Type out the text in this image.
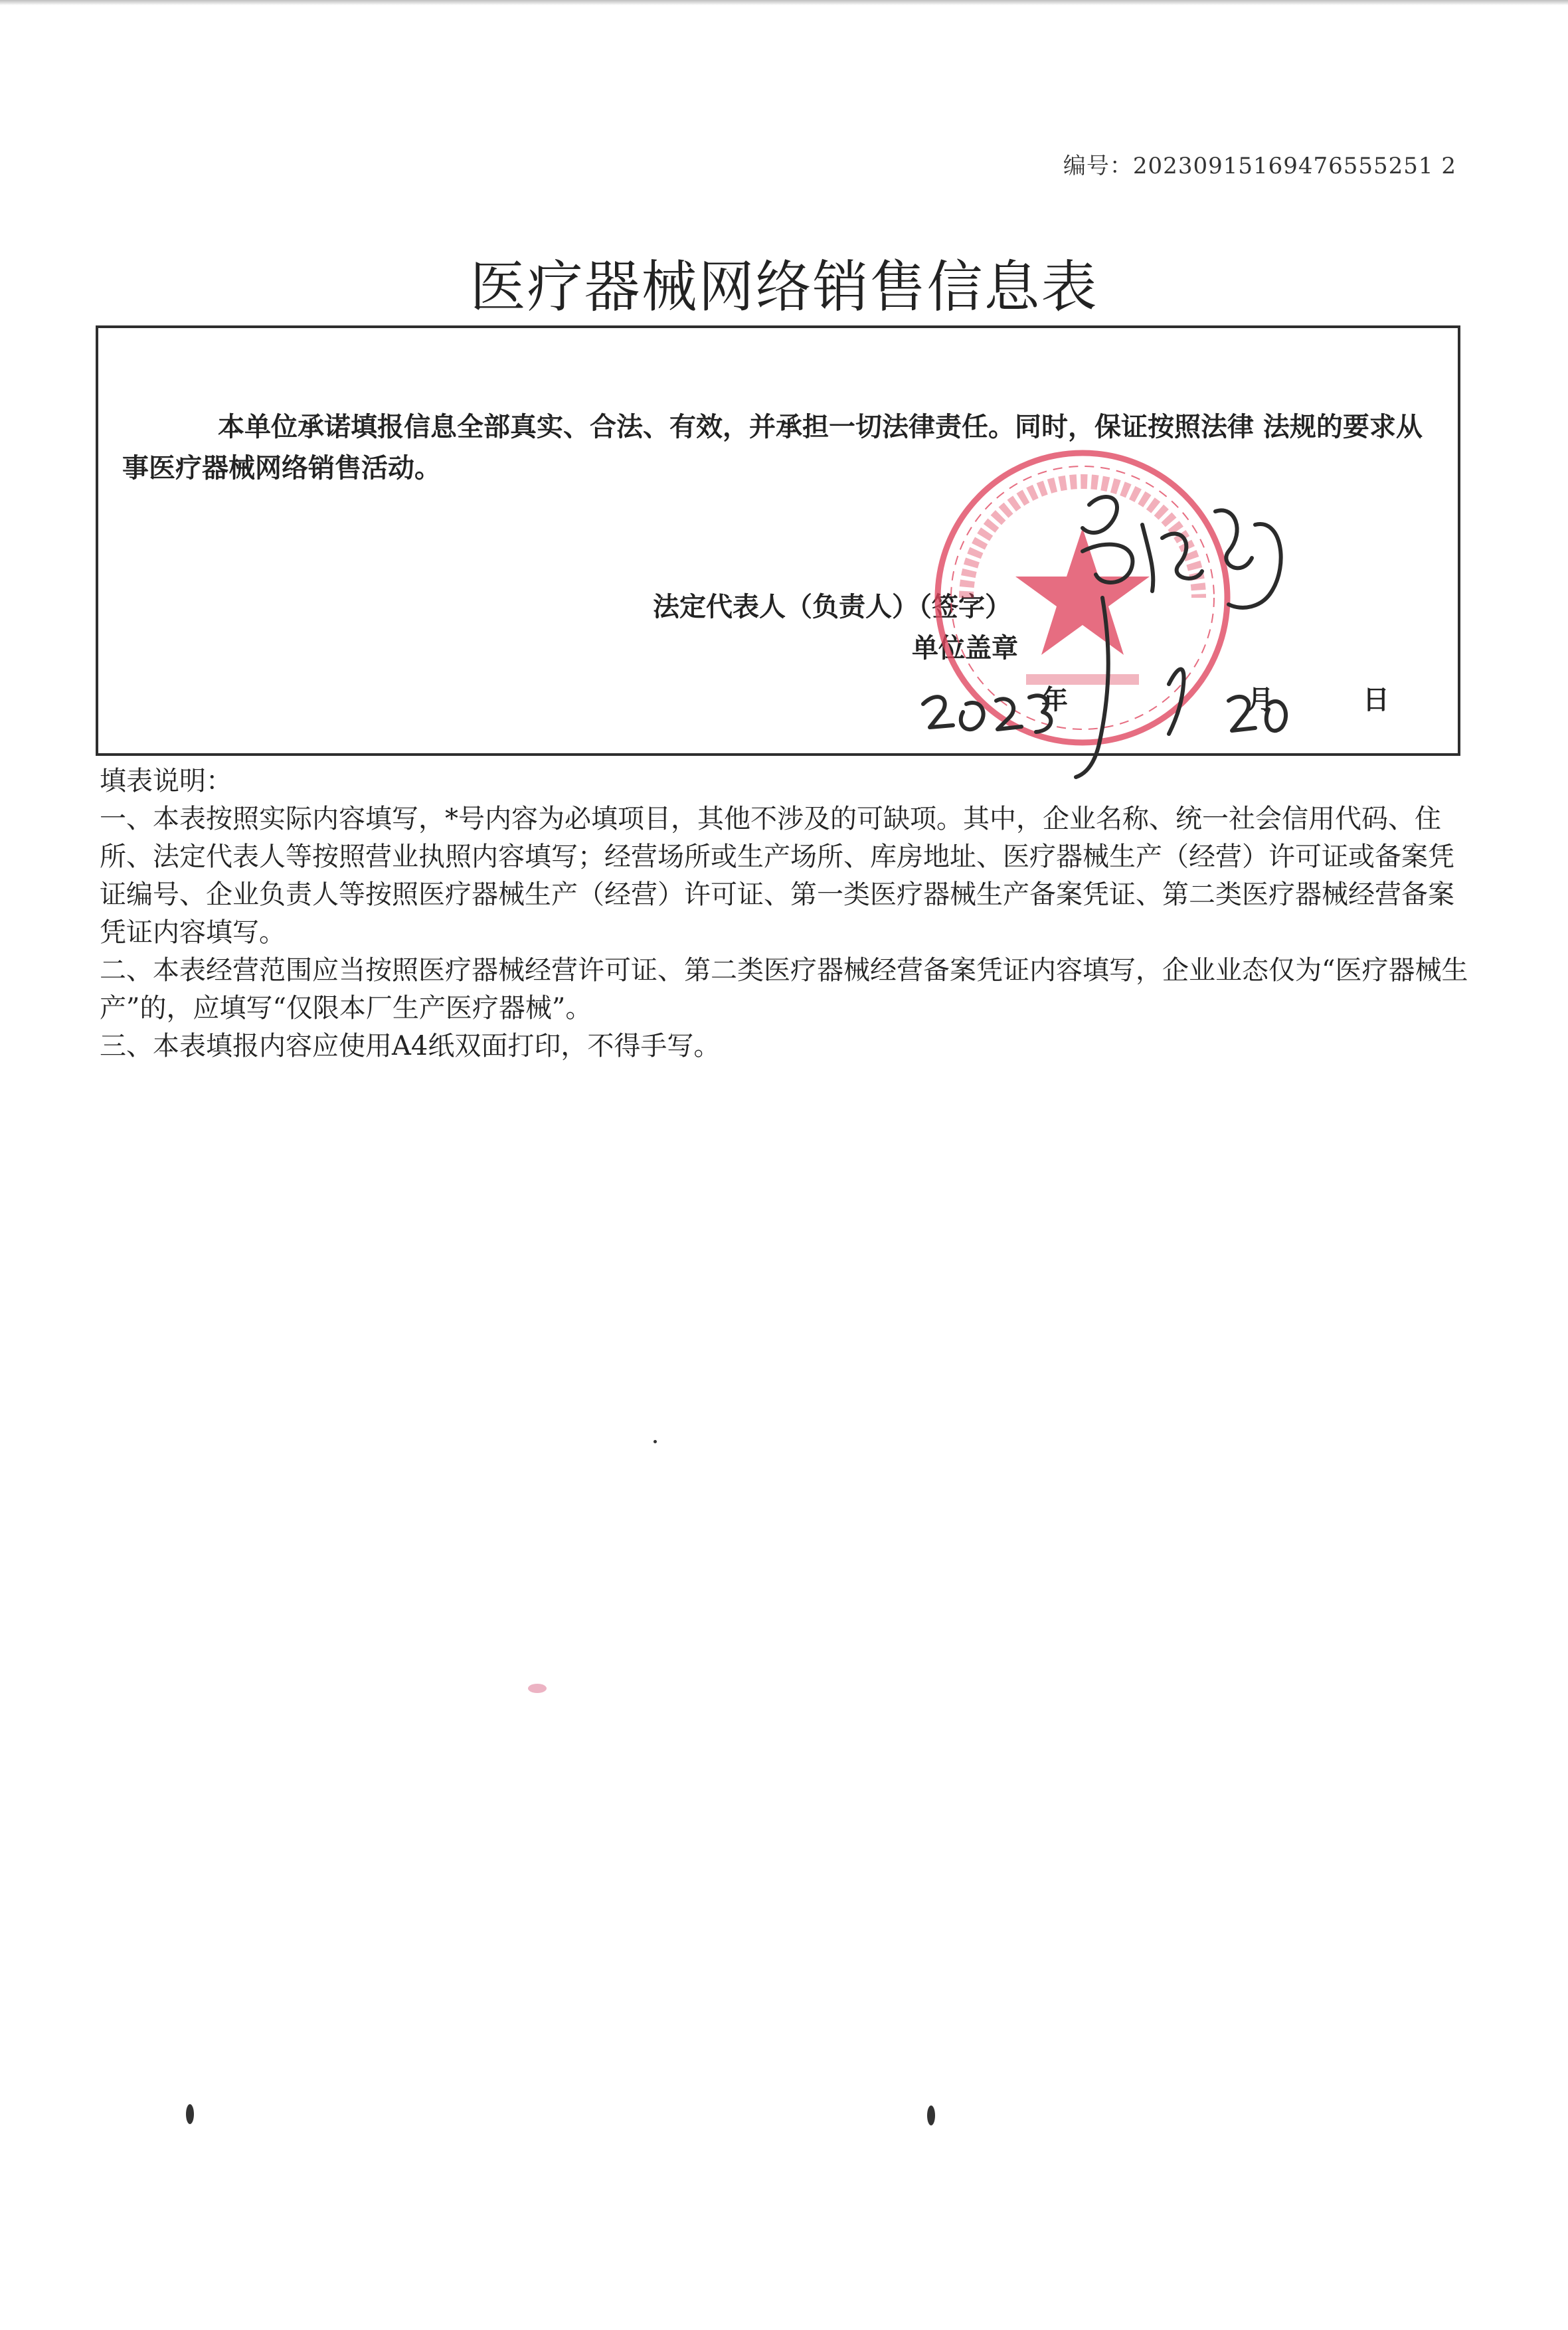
编号：20230915169476555251 2
医疗器械网络销售信息表
本单位承诺填报信息全部真实、合法、有效，并承担一切法律责任。同时，保证按照法律 法规的要求从事医疗器械网络销售活动。
法定代表人（负责人）（签字）
单位盖章
年	月	日

填表说明：

一、本表按照实际内容填写，*号内容为必填项目，其他不涉及的可缺项。其中，企业名称、统一社会信用代码、住所、法定代表人等按照营业执照内容填写；经营场所或生产场所、库房地址、医疗器械生产（经营）许可证或备案凭证编号、企业负责人等按照医疗器械生产（经营）许可证、第一类医疗器械生产备案凭证、第二类医疗器械经营备案凭证内容填写。

二、本表经营范围应当按照医疗器械经营许可证、第二类医疗器械经营备案凭证内容填写，企业业态仅为“医疗器械生产”的，应填写“仅限本厂生产医疗器械”。

三、本表填报内容应使用A4纸双面打印，不得手写。
